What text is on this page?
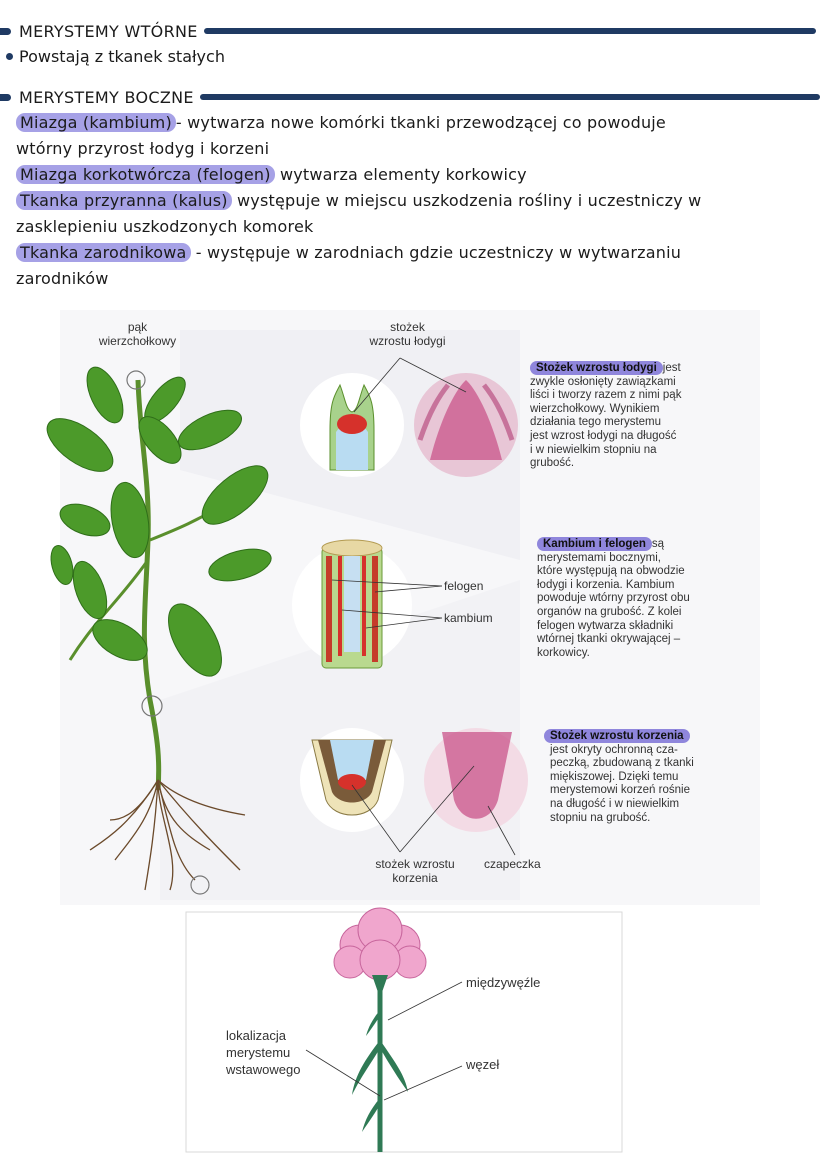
MERYSTEMY WTÓRNE
Powstają z tkanek stałych
MERYSTEMY BOCZNE
Miazga (kambium) - wytwarza nowe komórki tkanki przewodzącej co powoduje
wtórny przyrost łodyg i korzeni
Miazga korkotwórcza (felogen) wytwarza elementy korkowicy
Tkanka przyranna (kalus) występuje w miejscu uszkodzenia rośliny i uczestniczy w
zasklepieniu uszkodzonych komorek
Tkanka zarodnikowa - występuje w zarodniach gdzie uczestniczy w wytwarzaniu
zarodników
pąk
wierzchołkowy
stożek
wzrostu łodygi
felogen
kambium
stożek wzrostu
korzenia
czapeczka
Stożek wzrostu łodygi jest
zwykle osłonięty zawiązkami
liści i tworzy razem z nimi pąk
wierzchołkowy. Wynikiem
działania tego merystemu
jest wzrost łodygi na długość
i w niewielkim stopniu na
grubość.
Kambium i felogen są
merystemami bocznymi,
które występują na obwodzie
łodygi i korzenia. Kambium
powoduje wtórny przyrost obu
organów na grubość. Z kolei
felogen wytwarza składniki
wtórnej tkanki okrywającej –
korkowicy.
Stożek wzrostu korzenia
jest okryty ochronną cza-
peczką, zbudowaną z tkanki
miękiszowej. Dzięki temu
merystemowi korzeń rośnie
na długość i w niewielkim
stopniu na grubość.
międzywęźle
węzeł
lokalizacja
merystemu
wstawowego
